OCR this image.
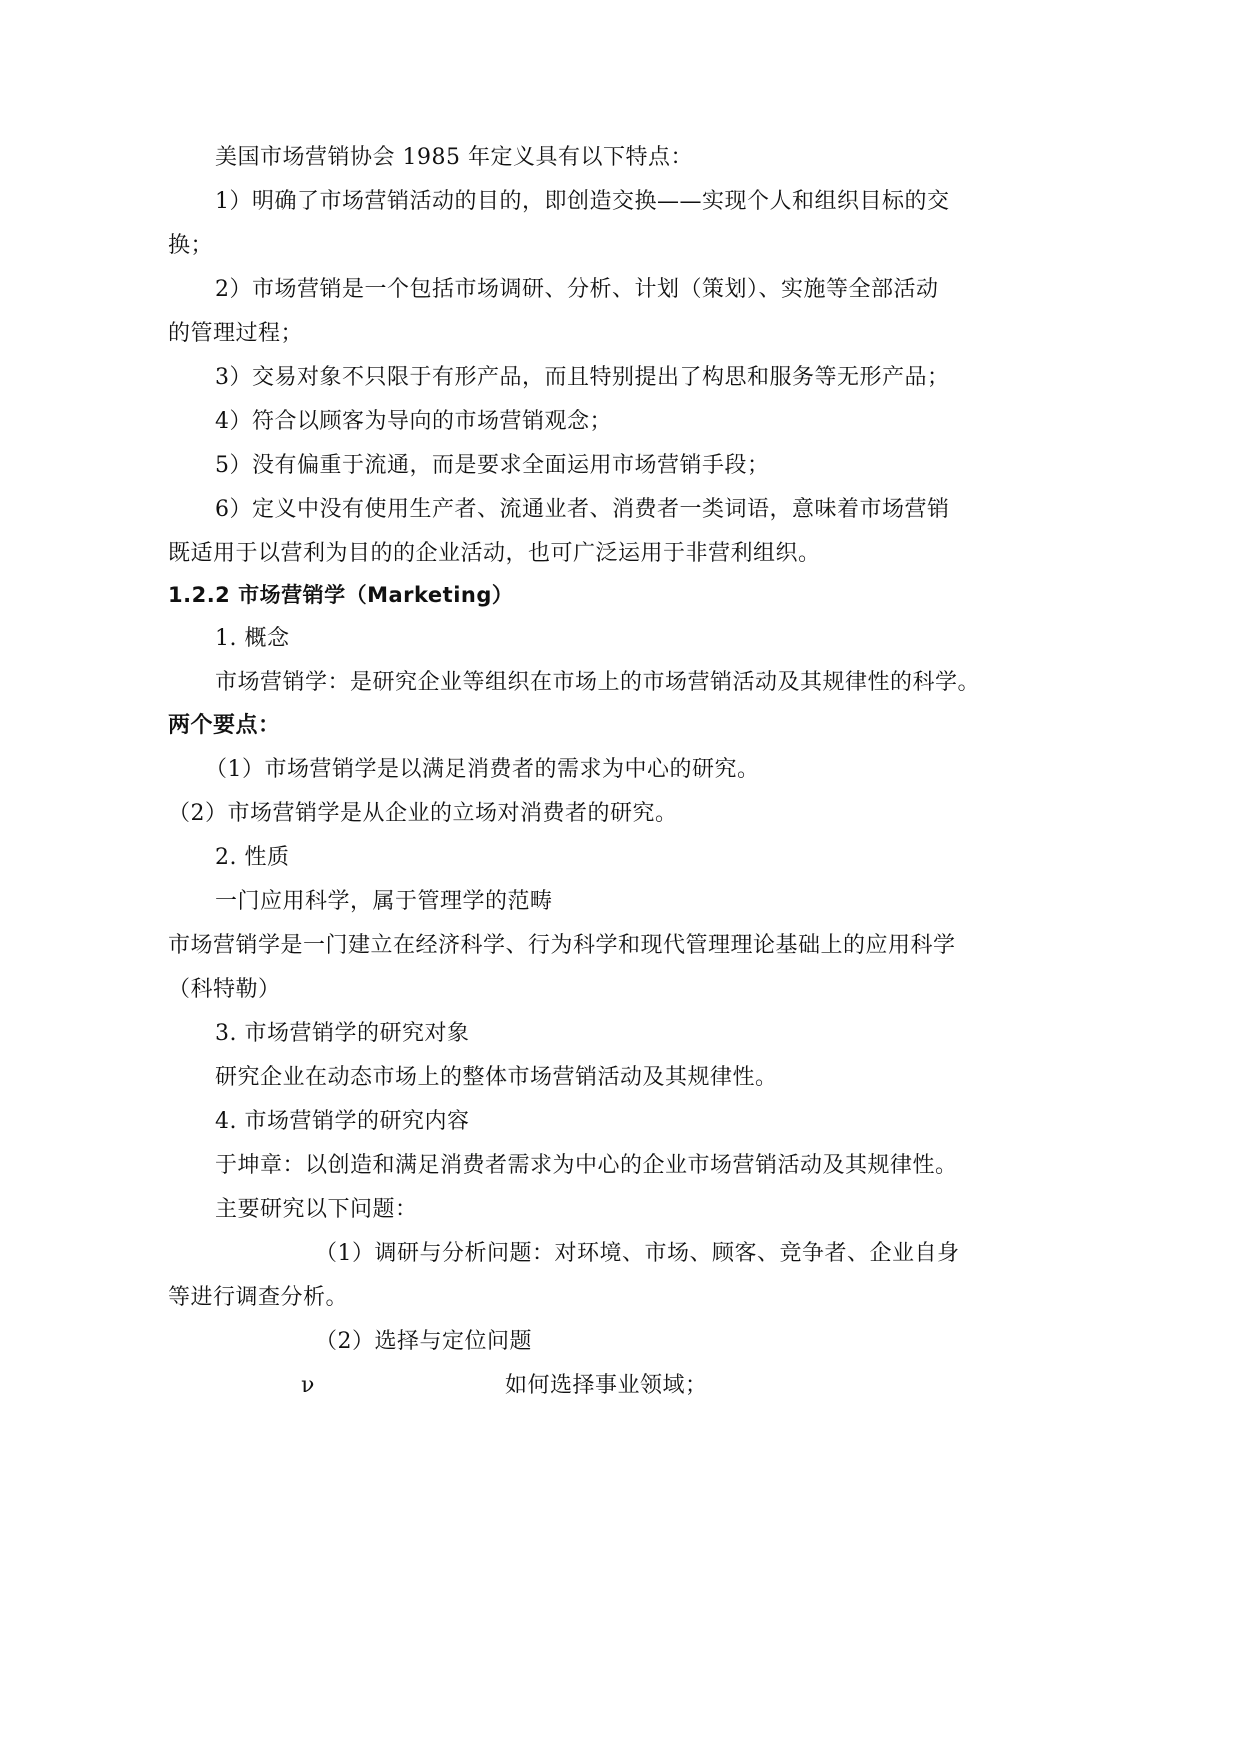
美国市场营销协会 1985 年定义具有以下特点：
1）明确了市场营销活动的目的，即创造交换——实现个人和组织目标的交
换；
2）市场营销是一个包括市场调研、分析、计划（策划）、实施等全部活动
的管理过程；
3）交易对象不只限于有形产品，而且特别提出了构思和服务等无形产品；
4）符合以顾客为导向的市场营销观念；
5）没有偏重于流通，而是要求全面运用市场营销手段；
6）定义中没有使用生产者、流通业者、消费者一类词语，意味着市场营销
既适用于以营利为目的的企业活动，也可广泛运用于非营利组织。
1.2.2 市场营销学（Marketing）
1. 概念
市场营销学：是研究企业等组织在市场上的市场营销活动及其规律性的科学。
两个要点：
（1）市场营销学是以满足消费者的需求为中心的研究。
（2）市场营销学是从企业的立场对消费者的研究。
2. 性质
一门应用科学，属于管理学的范畴
市场营销学是一门建立在经济科学、行为科学和现代管理理论基础上的应用科学
（科特勒）
3. 市场营销学的研究对象
研究企业在动态市场上的整体市场营销活动及其规律性。
4. 市场营销学的研究内容
于坤章：以创造和满足消费者需求为中心的企业市场营销活动及其规律性。
主要研究以下问题：
（1）调研与分析问题：对环境、市场、顾客、竞争者、企业自身
等进行调查分析。
（2）选择与定位问题
ν	如何选择事业领域；
